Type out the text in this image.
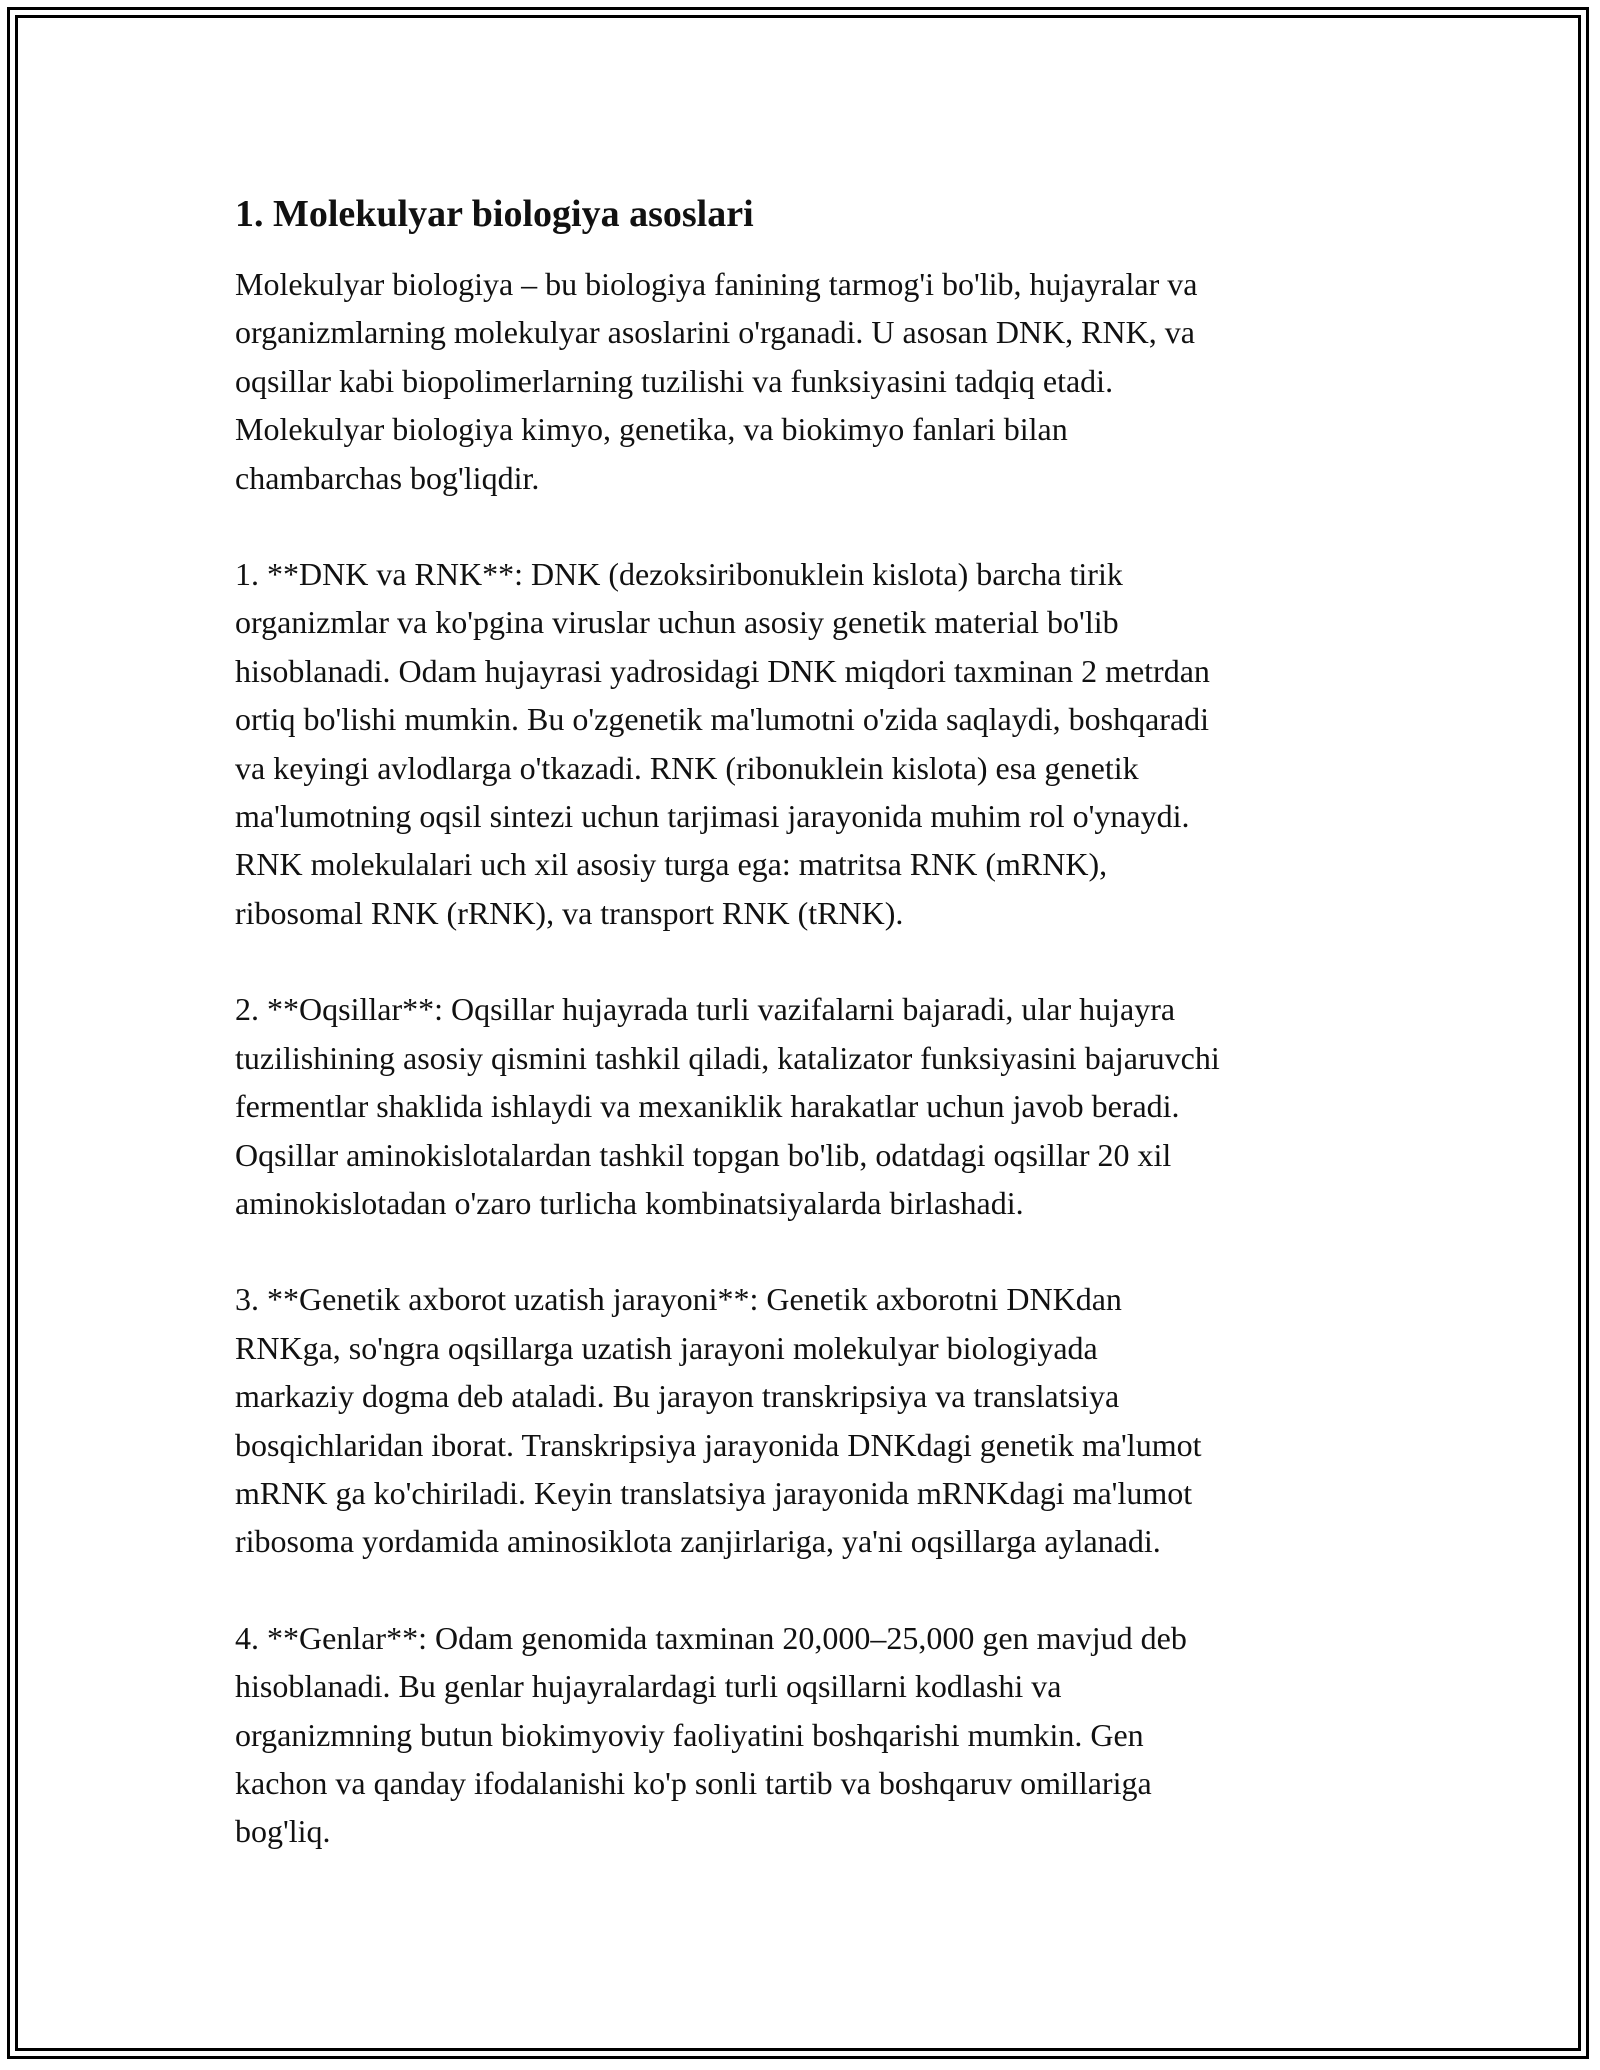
1. Molekulyar biologiya asoslari

Molekulyar biologiya – bu biologiya fanining tarmog'i bo'lib, hujayralar va
organizmlarning molekulyar asoslarini o'rganadi. U asosan DNK, RNK, va
oqsillar kabi biopolimerlarning tuzilishi va funksiyasini tadqiq etadi.
Molekulyar biologiya kimyo, genetika, va biokimyo fanlari bilan
chambarchas bog'liqdir.

1. **DNK va RNK**: DNK (dezoksiribonuklein kislota) barcha tirik
organizmlar va ko'pgina viruslar uchun asosiy genetik material bo'lib
hisoblanadi. Odam hujayrasi yadrosidagi DNK miqdori taxminan 2 metrdan
ortiq bo'lishi mumkin. Bu o'zgenetik ma'lumotni o'zida saqlaydi, boshqaradi
va keyingi avlodlarga o'tkazadi. RNK (ribonuklein kislota) esa genetik
ma'lumotning oqsil sintezi uchun tarjimasi jarayonida muhim rol o'ynaydi.
RNK molekulalari uch xil asosiy turga ega: matritsa RNK (mRNK),
ribosomal RNK (rRNK), va transport RNK (tRNK).

2. **Oqsillar**: Oqsillar hujayrada turli vazifalarni bajaradi, ular hujayra
tuzilishining asosiy qismini tashkil qiladi, katalizator funksiyasini bajaruvchi
fermentlar shaklida ishlaydi va mexaniklik harakatlar uchun javob beradi.
Oqsillar aminokislotalardan tashkil topgan bo'lib, odatdagi oqsillar 20 xil
aminokislotadan o'zaro turlicha kombinatsiyalarda birlashadi.

3. **Genetik axborot uzatish jarayoni**: Genetik axborotni DNKdan
RNKga, so'ngra oqsillarga uzatish jarayoni molekulyar biologiyada
markaziy dogma deb ataladi. Bu jarayon transkripsiya va translatsiya
bosqichlaridan iborat. Transkripsiya jarayonida DNKdagi genetik ma'lumot
mRNK ga ko'chiriladi. Keyin translatsiya jarayonida mRNKdagi ma'lumot
ribosoma yordamida aminosiklota zanjirlariga, ya'ni oqsillarga aylanadi.

4. **Genlar**: Odam genomida taxminan 20,000–25,000 gen mavjud deb
hisoblanadi. Bu genlar hujayralardagi turli oqsillarni kodlashi va
organizmning butun biokimyoviy faoliyatini boshqarishi mumkin. Gen
kachon va qanday ifodalanishi ko'p sonli tartib va boshqaruv omillariga
bog'liq.
